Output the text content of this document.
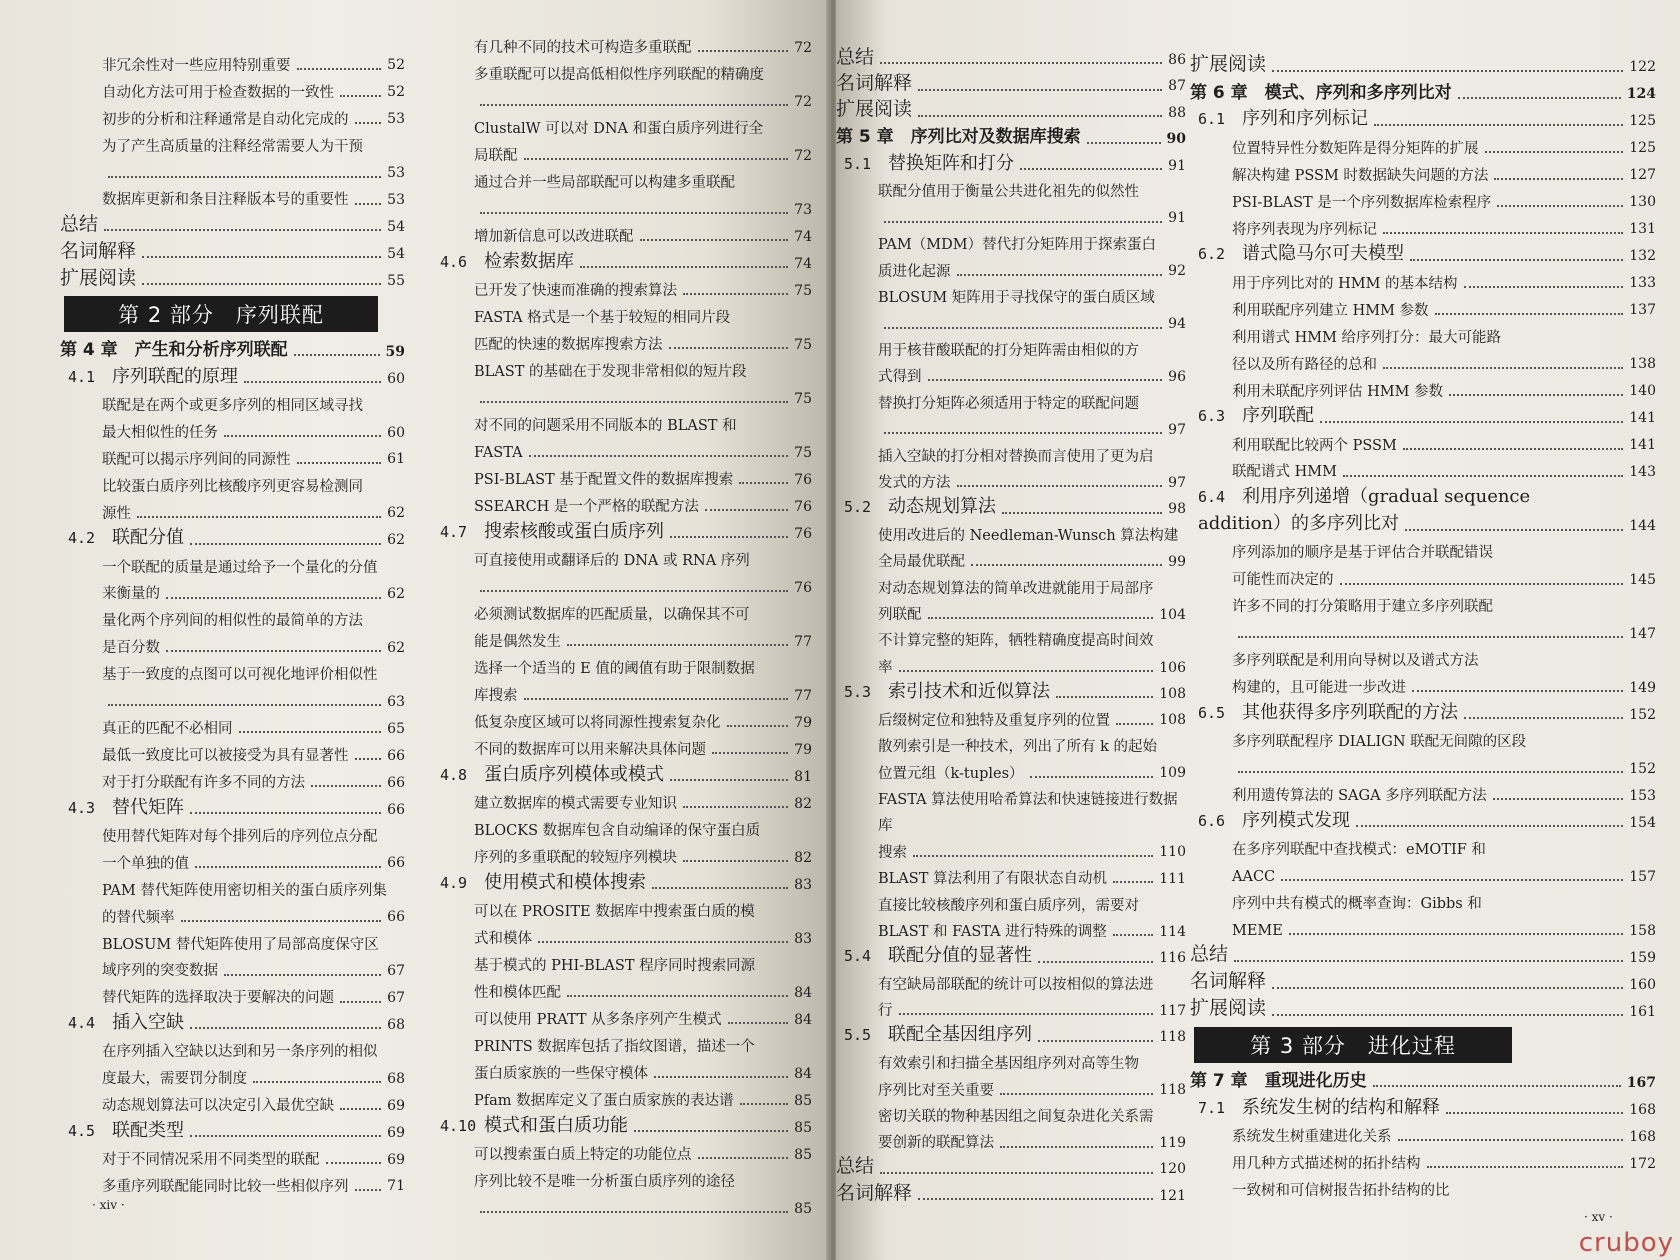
非冗余性对一些应用特别重要	52
自动化方法可用于检查数据的一致性	52
初步的分析和注释通常是自动化完成的	53
为了产生高质量的注释经常需要人为干预
53
数据库更新和条目注释版本号的重要性	53
总结	54
名词解释	54
扩展阅读	55
第 2 部分　序列联配
第 4 章　产生和分析序列联配	59
4.1 序列联配的原理	60
联配是在两个或更多序列的相同区域寻找
最大相似性的任务	60
联配可以揭示序列间的同源性	61
比较蛋白质序列比核酸序列更容易检测同
源性	62
4.2 联配分值	62
一个联配的质量是通过给予一个量化的分值
来衡量的	62
量化两个序列间的相似性的最简单的方法
是百分数	62
基于一致度的点图可以可视化地评价相似性
63
真正的匹配不必相同	65
最低一致度比可以被接受为具有显著性	66
对于打分联配有许多不同的方法	66
4.3 替代矩阵	66
使用替代矩阵对每个排列后的序列位点分配
一个单独的值	66
PAM 替代矩阵使用密切相关的蛋白质序列集
的替代频率	66
BLOSUM 替代矩阵使用了局部高度保守区
域序列的突变数据	67
替代矩阵的选择取决于要解决的问题	67
4.4 插入空缺	68
在序列插入空缺以达到和另一条序列的相似
度最大，需要罚分制度	68
动态规划算法可以决定引入最优空缺	69
4.5 联配类型	69
对于不同情况采用不同类型的联配	69
多重序列联配能同时比较一些相似序列	71
有几种不同的技术可构造多重联配	72
多重联配可以提高低相似性序列联配的精确度
72
ClustalW 可以对 DNA 和蛋白质序列进行全
局联配	72
通过合并一些局部联配可以构建多重联配
73
增加新信息可以改进联配	74
4.6 检索数据库	74
已开发了快速而准确的搜索算法	75
FASTA 格式是一个基于较短的相同片段
匹配的快速的数据库搜索方法	75
BLAST 的基础在于发现非常相似的短片段
75
对不同的问题采用不同版本的 BLAST 和
FASTA	75
PSI-BLAST 基于配置文件的数据库搜索	76
SSEARCH 是一个严格的联配方法	76
4.7 搜索核酸或蛋白质序列	76
可直接使用或翻译后的 DNA 或 RNA 序列
76
必须测试数据库的匹配质量，以确保其不可
能是偶然发生	77
选择一个适当的 E 值的阈值有助于限制数据
库搜索	77
低复杂度区域可以将同源性搜索复杂化	79
不同的数据库可以用来解决具体问题	79
4.8 蛋白质序列模体或模式	81
建立数据库的模式需要专业知识	82
BLOCKS 数据库包含自动编译的保守蛋白质
序列的多重联配的较短序列模块	82
4.9 使用模式和模体搜索	83
可以在 PROSITE 数据库中搜索蛋白质的模
式和模体	83
基于模式的 PHI-BLAST 程序同时搜索同源
性和模体匹配	84
可以使用 PRATT 从多条序列产生模式	84
PRINTS 数据库包括了指纹图谱，描述一个
蛋白质家族的一些保守模体	84
Pfam 数据库定义了蛋白质家族的表达谱	85
4.10 模式和蛋白质功能	85
可以搜索蛋白质上特定的功能位点	85
序列比较不是唯一分析蛋白质序列的途径
85
· xiv ·
总结	86
名词解释	87
扩展阅读	88
第 5 章　序列比对及数据库搜索	90
5.1 替换矩阵和打分	91
联配分值用于衡量公共进化祖先的似然性
91
PAM（MDM）替代打分矩阵用于探索蛋白
质进化起源	92
BLOSUM 矩阵用于寻找保守的蛋白质区域
94
用于核苷酸联配的打分矩阵需由相似的方
式得到	96
替换打分矩阵必须适用于特定的联配问题
97
插入空缺的打分相对替换而言使用了更为启
发式的方法	97
5.2 动态规划算法	98
使用改进后的 Needleman-Wunsch 算法构建
全局最优联配	99
对动态规划算法的简单改进就能用于局部序
列联配	104
不计算完整的矩阵，牺牲精确度提高时间效
率	106
5.3 索引技术和近似算法	108
后缀树定位和独特及重复序列的位置	108
散列索引是一种技术，列出了所有 k 的起始
位置元组（k-tuples）	109
FASTA 算法使用哈希算法和快速链接进行数据
库
搜索	110
BLAST 算法利用了有限状态自动机	111
直接比较核酸序列和蛋白质序列，需要对
BLAST 和 FASTA 进行特殊的调整	114
5.4 联配分值的显著性	116
有空缺局部联配的统计可以按相似的算法进
行	117
5.5 联配全基因组序列	118
有效索引和扫描全基因组序列对高等生物
序列比对至关重要	118
密切关联的物种基因组之间复杂进化关系需
要创新的联配算法	119
总结	120
名词解释	121
扩展阅读	122
第 6 章　模式、序列和多序列比对	124
6.1 序列和序列标记	125
位置特异性分数矩阵是得分矩阵的扩展	125
解决构建 PSSM 时数据缺失问题的方法	127
PSI-BLAST 是一个序列数据库检索程序	130
将序列表现为序列标记	131
6.2 谱式隐马尔可夫模型	132
用于序列比对的 HMM 的基本结构	133
利用联配序列建立 HMM 参数	137
利用谱式 HMM 给序列打分：最大可能路
径以及所有路径的总和	138
利用未联配序列评估 HMM 参数	140
6.3 序列联配	141
利用联配比较两个 PSSM	141
联配谱式 HMM	143
6.4 利用序列递增（gradual sequence
addition）的多序列比对	144
序列添加的顺序是基于评估合并联配错误
可能性而决定的	145
许多不同的打分策略用于建立多序列联配
147
多序列联配是利用向导树以及谱式方法
构建的，且可能进一步改进	149
6.5 其他获得多序列联配的方法	152
多序列联配程序 DIALIGN 联配无间隙的区段
152
利用遗传算法的 SAGA 多序列联配方法	153
6.6 序列模式发现	154
在多序列联配中查找模式：eMOTIF 和
AACC	157
序列中共有模式的概率查询：Gibbs 和
MEME	158
总结	159
名词解释	160
扩展阅读	161
第 3 部分　进化过程
第 7 章　重现进化历史	167
7.1 系统发生树的结构和解释	168
系统发生树重建进化关系	168
用几种方式描述树的拓扑结构	172
一致树和可信树报告拓扑结构的比
· xv ·
cruboy
